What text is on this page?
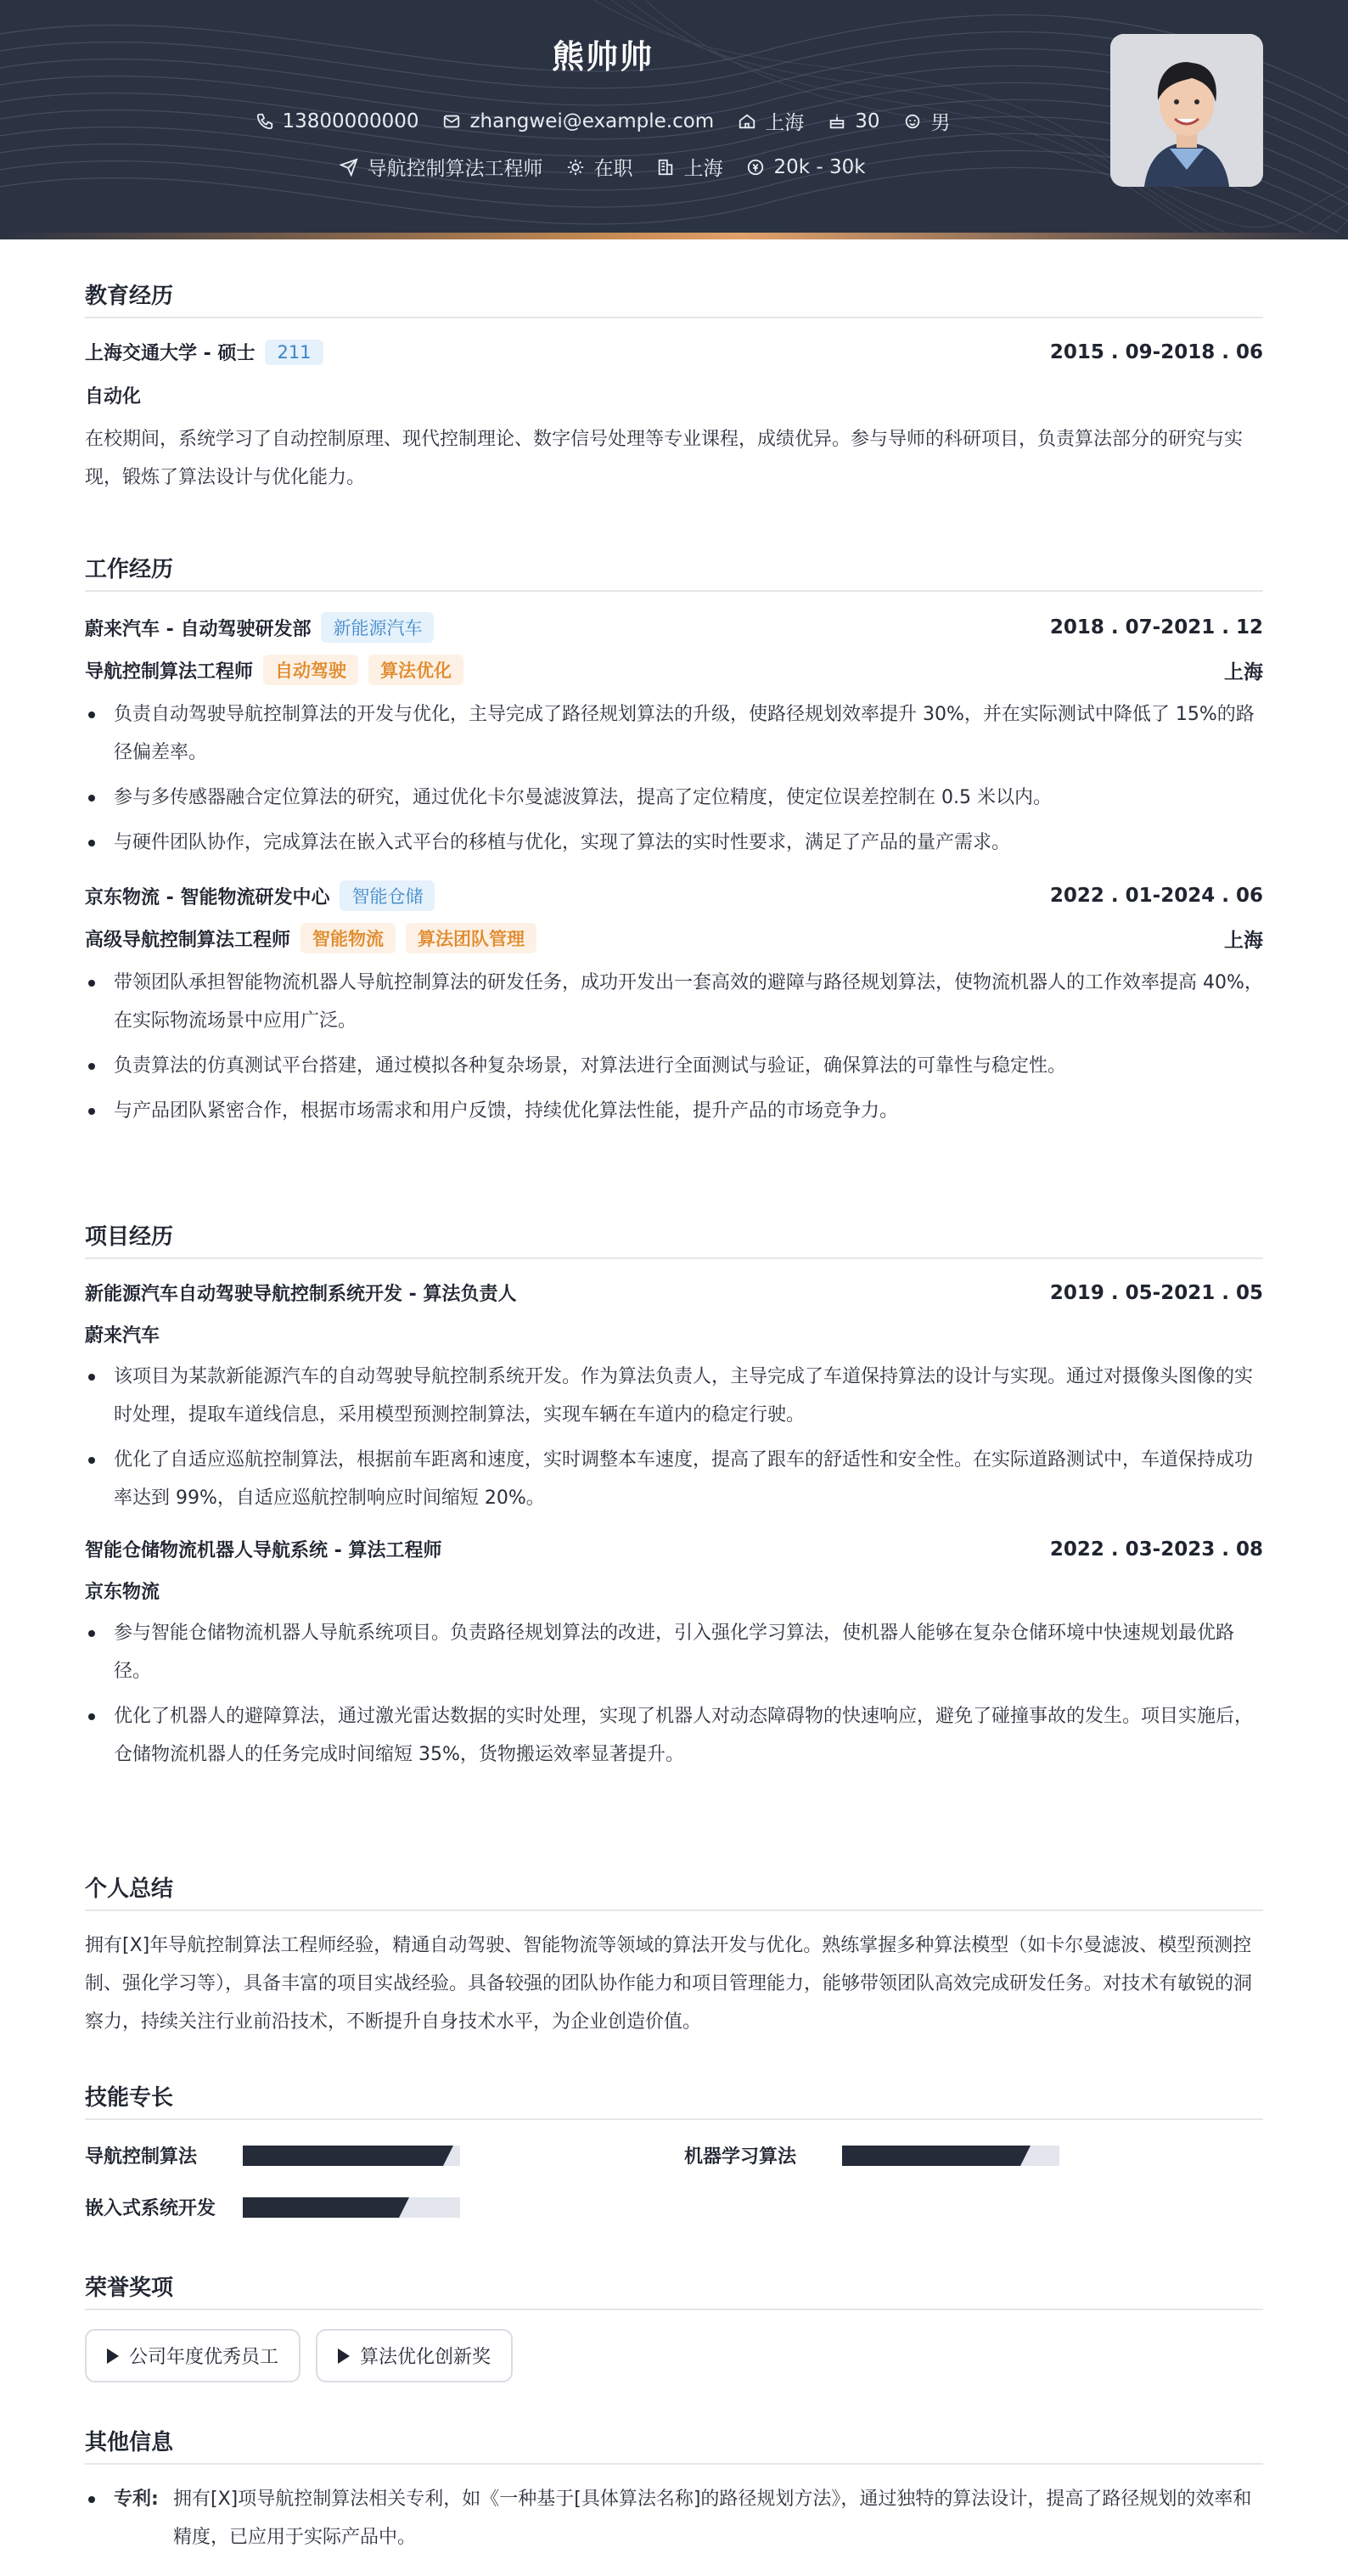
熊帅帅
13800000000	zhangwei@example.com	上海	30	男
导航控制算法工程师	在职	上海	20k - 30k
教育经历
上海交通大学 - 硕士	211	2015 . 09-2018 . 06
自动化
在校期间，系统学习了自动控制原理、现代控制理论、数字信号处理等专业课程，成绩优异。参与导师的科研项目，负责算法部分的研究与实现，锻炼了算法设计与优化能力。
工作经历
蔚来汽车 - 自动驾驶研发部	新能源汽车	2018 . 07-2021 . 12
导航控制算法工程师	自动驾驶	算法优化	上海
负责自动驾驶导航控制算法的开发与优化，主导完成了路径规划算法的升级，使路径规划效率提升 30%，并在实际测试中降低了 15%的路径偏差率。
参与多传感器融合定位算法的研究，通过优化卡尔曼滤波算法，提高了定位精度，使定位误差控制在 0.5 米以内。
与硬件团队协作，完成算法在嵌入式平台的移植与优化，实现了算法的实时性要求，满足了产品的量产需求。
京东物流 - 智能物流研发中心	智能仓储	2022 . 01-2024 . 06
高级导航控制算法工程师	智能物流	算法团队管理	上海
带领团队承担智能物流机器人导航控制算法的研发任务，成功开发出一套高效的避障与路径规划算法，使物流机器人的工作效率提高 40%，在实际物流场景中应用广泛。
负责算法的仿真测试平台搭建，通过模拟各种复杂场景，对算法进行全面测试与验证，确保算法的可靠性与稳定性。
与产品团队紧密合作，根据市场需求和用户反馈，持续优化算法性能，提升产品的市场竞争力。
项目经历
新能源汽车自动驾驶导航控制系统开发 - 算法负责人	2019 . 05-2021 . 05
蔚来汽车
该项目为某款新能源汽车的自动驾驶导航控制系统开发。作为算法负责人，主导完成了车道保持算法的设计与实现。通过对摄像头图像的实时处理，提取车道线信息，采用模型预测控制算法，实现车辆在车道内的稳定行驶。
优化了自适应巡航控制算法，根据前车距离和速度，实时调整本车速度，提高了跟车的舒适性和安全性。在实际道路测试中，车道保持成功率达到 99%，自适应巡航控制响应时间缩短 20%。
智能仓储物流机器人导航系统 - 算法工程师	2022 . 03-2023 . 08
京东物流
参与智能仓储物流机器人导航系统项目。负责路径规划算法的改进，引入强化学习算法，使机器人能够在复杂仓储环境中快速规划最优路径。
优化了机器人的避障算法，通过激光雷达数据的实时处理，实现了机器人对动态障碍物的快速响应，避免了碰撞事故的发生。项目实施后，仓储物流机器人的任务完成时间缩短 35%，货物搬运效率显著提升。
个人总结
拥有[X]年导航控制算法工程师经验，精通自动驾驶、智能物流等领域的算法开发与优化。熟练掌握多种算法模型（如卡尔曼滤波、模型预测控制、强化学习等），具备丰富的项目实战经验。具备较强的团队协作能力和项目管理能力，能够带领团队高效完成研发任务。对技术有敏锐的洞察力，持续关注行业前沿技术，不断提升自身技术水平，为企业创造价值。
技能专长
导航控制算法	机器学习算法
嵌入式系统开发
荣誉奖项
公司年度优秀员工	算法优化创新奖
其他信息
专利: 拥有[X]项导航控制算法相关专利，如《一种基于[具体算法名称]的路径规划方法》，通过独特的算法设计，提高了路径规划的效率和精度，已应用于实际产品中。
